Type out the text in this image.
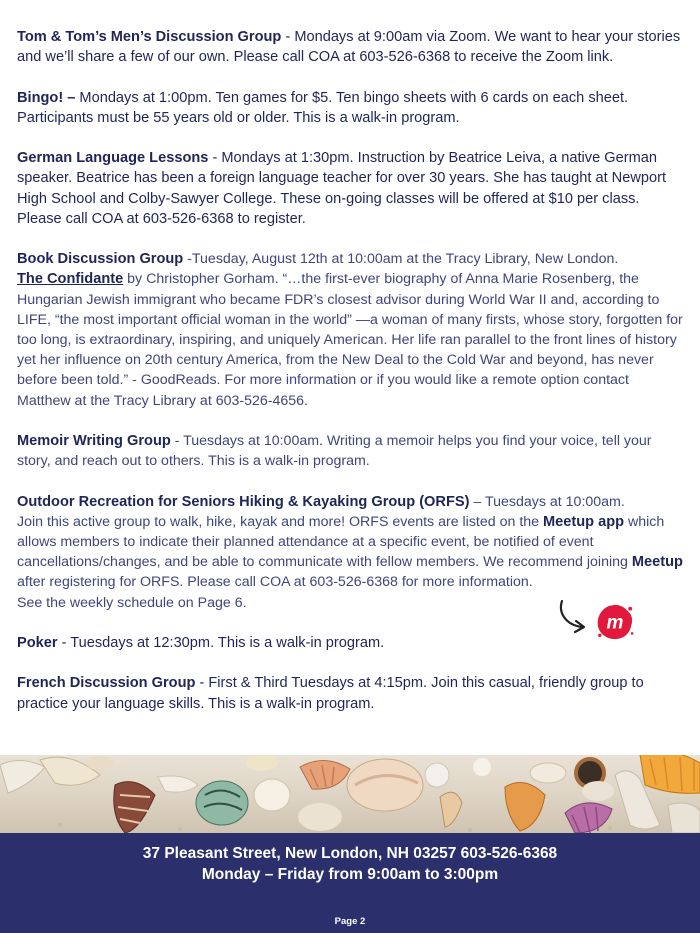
Tom & Tom’s Men’s Discussion Group - Mondays at 9:00am via Zoom. We want to hear your stories and we’ll share a few of our own. Please call COA at 603-526-6368 to receive the Zoom link.

Bingo! – Mondays at 1:00pm. Ten games for $5. Ten bingo sheets with 6 cards on each sheet. Participants must be 55 years old or older. This is a walk-in program.

German Language Lessons - Mondays at 1:30pm. Instruction by Beatrice Leiva, a native German speaker. Beatrice has been a foreign language teacher for over 30 years. She has taught at Newport High School and Colby-Sawyer College. These on-going classes will be offered at $10 per class. Please call COA at 603-526-6368 to register.

Book Discussion Group -Tuesday, August 12th at 10:00am at the Tracy Library, New London.
The Confidante by Christopher Gorham. “…the first-ever biography of Anna Marie Rosenberg, the Hungarian Jewish immigrant who became FDR’s closest advisor during World War II and, according to LIFE, “the most important official woman in the world” —a woman of many firsts, whose story, forgotten for too long, is extraordinary, inspiring, and uniquely American. Her life ran parallel to the front lines of history yet her influence on 20th century America, from the New Deal to the Cold War and beyond, has never before been told.” - GoodReads. For more information or if you would like a remote option contact Matthew at the Tracy Library at 603-526-4656.

Memoir Writing Group - Tuesdays at 10:00am. Writing a memoir helps you find your voice, tell your story, and reach out to others. This is a walk-in program.

Outdoor Recreation for Seniors Hiking & Kayaking Group (ORFS) – Tuesdays at 10:00am.
Join this active group to walk, hike, kayak and more! ORFS events are listed on the Meetup app which allows members to indicate their planned attendance at a specific event, be notified of event cancellations/changes, and be able to communicate with fellow members. We recommend joining Meetup after registering for ORFS. Please call COA at 603-526-6368 for more information.
See the weekly schedule on Page 6.

Poker - Tuesdays at 12:30pm. This is a walk-in program.

French Discussion Group - First & Third Tuesdays at 4:15pm. Join this casual, friendly group to practice your language skills. This is a walk-in program.

m
37 Pleasant Street, New London, NH 03257 603-526-6368
Monday – Friday from 9:00am to 3:00pm
Page 2
